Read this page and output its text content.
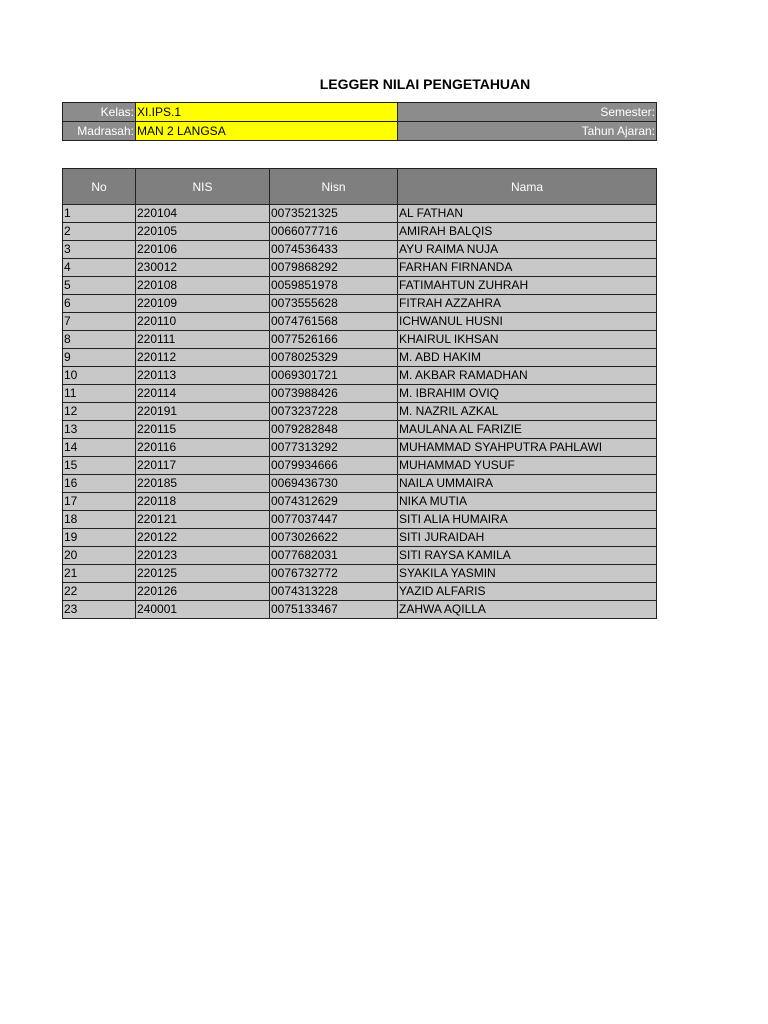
LEGGER NILAI PENGETAHUAN
Kelas:	XI.IPS.1	Semester:
Madrasah:	MAN 2 LANGSA	Tahun Ajaran:
No	NIS	Nisn	Nama
1	220104	0073521325	AL FATHAN
2	220105	0066077716	AMIRAH BALQIS
3	220106	0074536433	AYU RAIMA NUJA
4	230012	0079868292	FARHAN FIRNANDA
5	220108	0059851978	FATIMAHTUN ZUHRAH
6	220109	0073555628	FITRAH AZZAHRA
7	220110	0074761568	ICHWANUL HUSNI
8	220111	0077526166	KHAIRUL IKHSAN
9	220112	0078025329	M. ABD HAKIM
10	220113	0069301721	M. AKBAR RAMADHAN
11	220114	0073988426	M. IBRAHIM OVIQ
12	220191	0073237228	M. NAZRIL AZKAL
13	220115	0079282848	MAULANA AL FARIZIE
14	220116	0077313292	MUHAMMAD SYAHPUTRA PAHLAWI
15	220117	0079934666	MUHAMMAD YUSUF
16	220185	0069436730	NAILA UMMAIRA
17	220118	0074312629	NIKA MUTIA
18	220121	0077037447	SITI ALIA HUMAIRA
19	220122	0073026622	SITI JURAIDAH
20	220123	0077682031	SITI RAYSA KAMILA
21	220125	0076732772	SYAKILA YASMIN
22	220126	0074313228	YAZID ALFARIS
23	240001	0075133467	ZAHWA AQILLA
